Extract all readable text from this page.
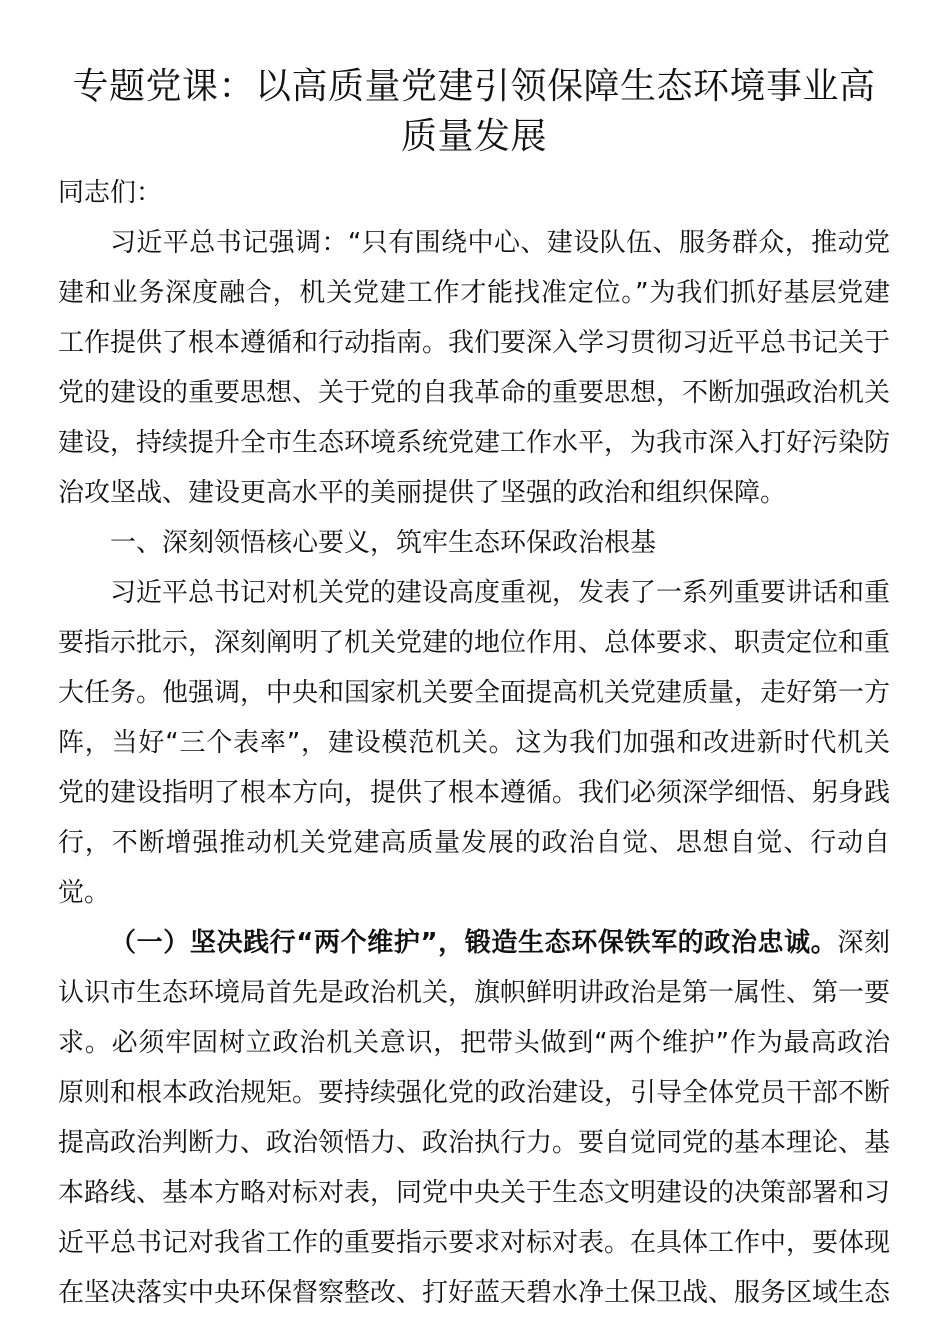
专题党课：以高质量党建引领保障生态环境事业高质量发展

同志们：

习近平总书记强调：“只有围绕中心、建设队伍、服务群众，推动党建和业务深度融合，机关党建工作才能找准定位。”为我们抓好基层党建工作提供了根本遵循和行动指南。我们要深入学习贯彻习近平总书记关于党的建设的重要思想、关于党的自我革命的重要思想，不断加强政治机关建设，持续提升全市生态环境系统党建工作水平，为我市深入打好污染防治攻坚战、建设更高水平的美丽提供了坚强的政治和组织保障。

一、深刻领悟核心要义，筑牢生态环保政治根基

习近平总书记对机关党的建设高度重视，发表了一系列重要讲话和重要指示批示，深刻阐明了机关党建的地位作用、总体要求、职责定位和重大任务。他强调，中央和国家机关要全面提高机关党建质量，走好第一方阵，当好“三个表率”，建设模范机关。这为我们加强和改进新时代机关党的建设指明了根本方向，提供了根本遵循。我们必须深学细悟、躬身践行，不断增强推动机关党建高质量发展的政治自觉、思想自觉、行动自觉。

（一）坚决践行“两个维护”，锻造生态环保铁军的政治忠诚。深刻认识市生态环境局首先是政治机关，旗帜鲜明讲政治是第一属性、第一要求。必须牢固树立政治机关意识，把带头做到“两个维护”作为最高政治原则和根本政治规矩。要持续强化党的政治建设，引导全体党员干部不断提高政治判断力、政治领悟力、政治执行力。要自觉同党的基本理论、基本路线、基本方略对标对表，同党中央关于生态文明建设的决策部署和习近平总书记对我省工作的重要指示要求对标对表。在具体工作中，要体现在坚决落实中央环保督察整改、打好蓝天碧水净土保卫战、服务区域生态
